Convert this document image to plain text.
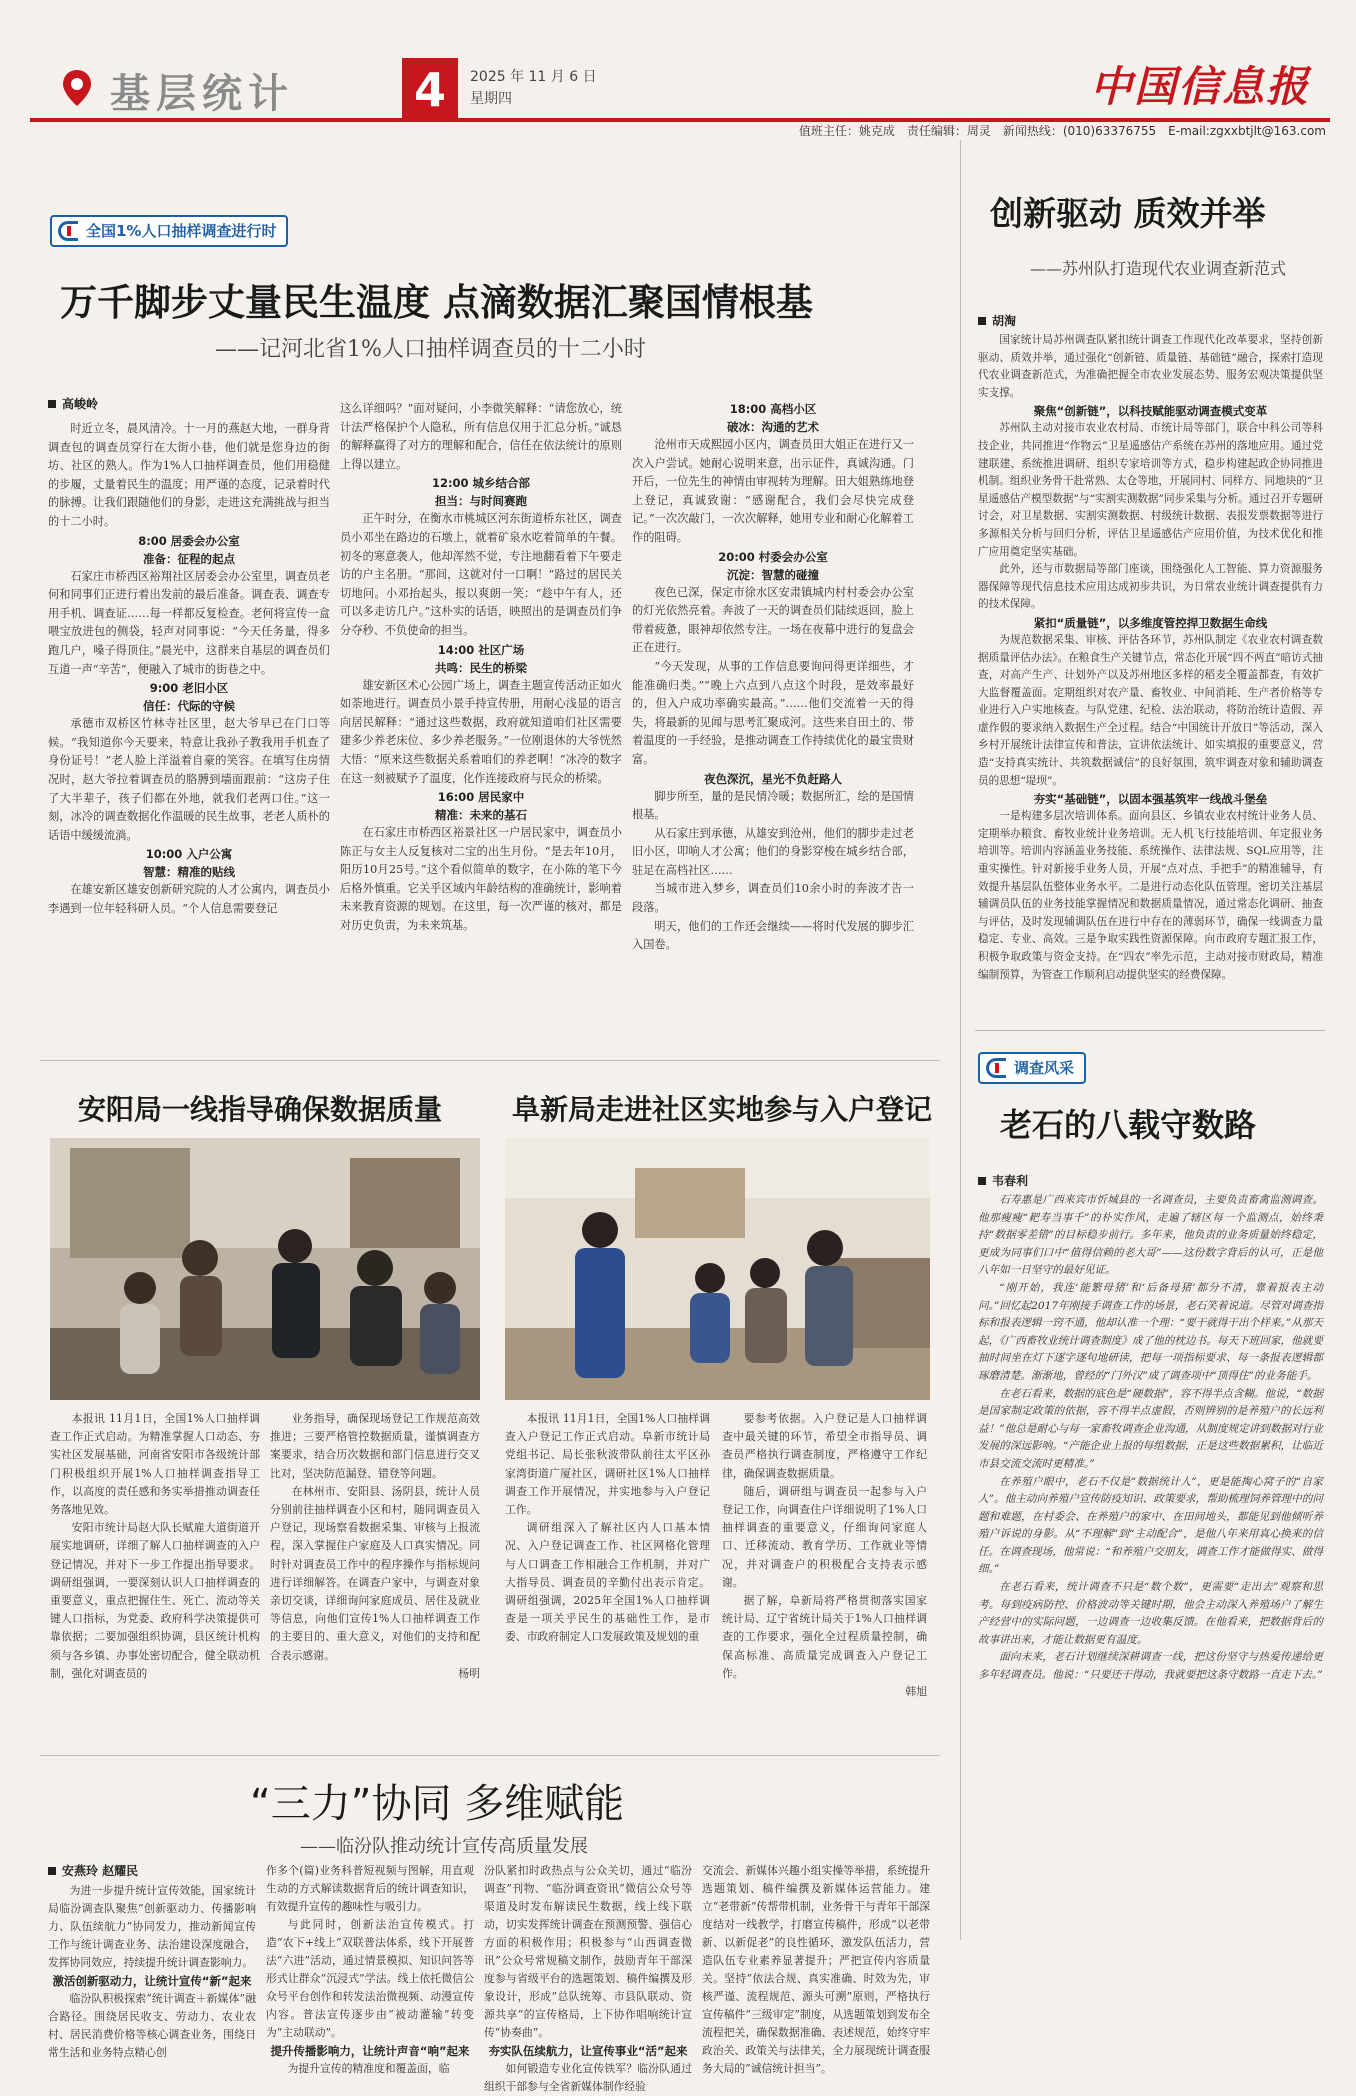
基层统计	4	2025 年 11 月 6 日
星期四	中国信息报
值班主任：姚克成　责任编辑：周灵　新闻热线：(010)63376755　E-mail:zgxxbtjlt@163.com
全国1%人口抽样调查进行时
万千脚步丈量民生温度 点滴数据汇聚国情根基
——记河北省1%人口抽样调查员的十二小时
高峻岭

时近立冬，晨风清冷。十一月的燕赵大地，一群身背调查包的调查员穿行在大街小巷，他们就是您身边的街坊、社区的熟人。作为1%人口抽样调查员，他们用稳健的步履，丈量着民生的温度；用严谨的态度，记录着时代的脉搏。让我们跟随他们的身影，走进这充满挑战与担当的十二小时。

8:00 居委会办公室
准备：征程的起点

石家庄市桥西区裕翔社区居委会办公室里，调查员老何和同事们正进行着出发前的最后准备。调查表、调查专用手机、调查证……每一样都反复检查。老何将宣传一盒喂宝放进包的侧袋，轻声对同事说：“今天任务量，得多跑几户，嗓子得顶住。”晨光中，这群来自基层的调查员们互道一声“辛苦”，便融入了城市的街巷之中。

9:00 老旧小区
信任：代际的守候

承德市双桥区竹林寺社区里，赵大爷早已在门口等候。“我知道你今天要来，特意让我孙子教我用手机查了身份证号！”老人脸上洋溢着自豪的笑容。在填写住房情况时，赵大爷拉着调查员的胳膊到墙面跟前：“这房子住了大半辈子，孩子们都在外地，就我们老两口住。”这一刻，冰冷的调查数据化作温暖的民生故事，老老人质朴的话语中缓缓流淌。

10:00 入户公寓
智慧：精准的贴线

在雄安新区雄安创新研究院的人才公寓内，调查员小李遇到一位年轻科研人员。“个人信息需要登记

这么详细吗？”面对疑问，小李微笑解释：“请您放心，统计法严格保护个人隐私，所有信息仅用于汇总分析。”诚恳的解释赢得了对方的理解和配合，信任在依法统计的原则上得以建立。

12:00 城乡结合部
担当：与时间赛跑

正午时分，在衡水市桃城区河东街道桥东社区，调查员小邓坐在路边的石墩上，就着矿泉水吃着简单的午餐。初冬的寒意袭人，他却浑然不觉，专注地翻看着下午要走访的户主名册。“那间，这就对付一口啊！”路过的居民关切地问。小邓抬起头，报以爽朗一笑：“趁中午有人，还可以多走访几户。”这朴实的话语，映照出的是调查员们争分夺秒、不负使命的担当。

14:00 社区广场
共鸣：民生的桥梁

雄安新区术心公园广场上，调查主题宣传活动正如火如荼地进行。调查员小景手持宣传册，用耐心浅显的语言向居民解释：“通过这些数据，政府就知道咱们社区需要建多少养老床位、多少养老服务。”一位刚退休的大爷恍然大悟：“原来这些数据关系着咱们的养老啊！”冰冷的数字在这一刻被赋予了温度，化作连接政府与民众的桥梁。

16:00 居民家中
精准：未来的基石

在石家庄市桥西区裕景社区一户居民家中，调查员小陈正与女主人反复核对二宝的出生月份。“是去年10月，阳历10月25号。”这个看似简单的数字，在小陈的笔下今后格外慎重。它关乎区域内年龄结构的准确统计，影响着未来教育资源的规划。在这里，每一次严谨的核对，都是对历史负责，为未来筑基。

18:00 高档小区
破冰：沟通的艺术

沧州市天成熙园小区内，调查员田大姐正在进行又一次入户尝试。她耐心说明来意，出示证件，真诚沟通。门开后，一位先生的神情由审视转为理解。田大姐熟练地登上登记，真诚致谢：“感谢配合，我们会尽快完成登记。”一次次敲门，一次次解释，她用专业和耐心化解着工作的阻碍。

20:00 村委会办公室
沉淀：智慧的碰撞

夜色已深，保定市徐水区安肃镇城内村村委会办公室的灯光依然亮着。奔波了一天的调查员们陆续返回，脸上带着疲惫，眼神却依然专注。一场在夜幕中进行的复盘会正在进行。

“今天发现，从事的工作信息要询问得更详细些，才能准确归类。”“晚上六点到八点这个时段，是效率最好的，但入户成功率确实最高。”……他们交流着一天的得失，将最新的见闻与思考汇聚成河。这些来自田土的、带着温度的一手经验，是推动调查工作持续优化的最宝贵财富。

夜色深沉，星光不负赶路人

脚步所至，量的是民情冷暖；数据所汇，绘的是国情根基。

从石家庄到承德，从雄安到沧州，他们的脚步走过老旧小区，叩响人才公寓；他们的身影穿梭在城乡结合部，驻足在高档社区……

当城市进入梦乡，调查员们10余小时的奔波才告一段落。

明天，他们的工作还会继续——将时代发展的脚步汇入国卷。

安阳局一线指导确保数据质量

本报讯 11月1日，全国1%人口抽样调查工作正式启动。为精准掌握人口动态、夯实社区发展基础，河南省安阳市各级统计部门积极组织开展1%人口抽样调查指导工作，以高度的责任感和务实举措推动调查任务落地见效。

安阳市统计局赵大队长赋雇大道街道开展实地调研，详细了解人口抽样调查的入户登记情况，并对下一步工作提出指导要求。调研组强调，一要深刻认识人口抽样调查的重要意义，重点把握住生、死亡、流动等关键人口指标，为党委、政府科学决策提供可靠依据；二要加强组织协调，县区统计机构须与各乡镇、办事处密切配合，健全联动机制，强化对调查员的

业务指导，确保现场登记工作规范高效推进；三要严格管控数据质量，谨慎调查方案要求，结合历次数据和部门信息进行交叉比对，坚决防范漏登、错登等问题。

在林州市、安阳县、汤阴县，统计人员分别前往抽样调查小区和村，随同调查员入户登记，现场察看数据采集、审核与上报流程，深入掌握住户家庭及人口真实情况。同时针对调查员工作中的程序操作与指标规问进行详细解答。在调查户家中，与调查对象亲切交谈，详细询问家庭成员、居住及就业等信息，向他们宣传1%人口抽样调查工作的主要目的、重大意义，对他们的支持和配合表示感谢。

杨明
阜新局走进社区实地参与入户登记

本报讯 11月1日，全国1%人口抽样调查入户登记工作正式启动。阜新市统计局党组书记、局长张秋波带队前往太平区孙家湾街道广厦社区，调研社区1%人口抽样调查工作开展情况，并实地参与入户登记工作。

调研组深入了解社区内人口基本情况、入户登记调查工作、社区网格化管理与人口调查工作相融合工作机制，并对广大指导员、调查员的辛勤付出表示肯定。调研组强调，2025年全国1%人口抽样调查是一项关乎民生的基础性工作，是市委、市政府制定人口发展政策及规划的重

要参考依据。入户登记是人口抽样调查中最关键的环节，希望全市指导员、调查员严格执行调查制度，严格遵守工作纪律，确保调查数据质量。

随后，调研组与调查员一起参与入户登记工作，向调查住户详细说明了1%人口抽样调查的重要意义，仔细询问家庭人口、迁移流动、教育学历、工作就业等情况，并对调查户的积极配合支持表示感谢。

据了解，阜新局将严格贯彻落实国家统计局、辽宁省统计局关于1%人口抽样调查的工作要求，强化全过程质量控制，确保高标准、高质量完成调查入户登记工作。

韩旭
“三力”协同 多维赋能
——临汾队推动统计宣传高质量发展
安燕玲 赵耀民

为进一步提升统计宣传效能，国家统计局临汾调查队聚焦“创新驱动力、传播影响力、队伍续航力”协同发力，推动新闻宣传工作与统计调查业务、法治建设深度融合，发挥协同效应，持续提升统计调查影响力。

激活创新驱动力，让统计宣传“新”起来

临汾队积极探索“统计调查＋新媒体”融合路径。围绕居民收支、劳动力、农业农村、居民消费价格等核心调查业务，围绕日常生活和业务特点精心创

作多个(篇)业务科普短视频与图解，用直观生动的方式解读数据背后的统计调查知识，有效提升宣传的趣味性与吸引力。

与此同时，创新法治宣传模式。打造“农下+线上”双联普法体系，线下开展普法“六进”活动，通过情景模拟、知识问答等形式让群众“沉浸式”学法。线上依托微信公众号平台创作和转发法治微视频、动漫宣传内容。普法宣传逐步由“被动灌输”转变为“主动联动”。

提升传播影响力，让统计声音“响”起来

为提升宣传的精准度和覆盖面，临

汾队紧扣时政热点与公众关切，通过“临汾调查”刊物、“临汾调查资讯”微信公众号等渠道及时发布解读民生数据，线上线下联动，切实发挥统计调查在预测预警、强信心方面的积极作用；积极参与“山西调查微讯”公众号常规稿文制作，鼓励青年干部深度参与省级平台的选题策划、稿件编撰及形象设计，形成“总队统筹、市县队联动、资源共享”的宣传格局，上下协作唱响统计宣传“协奏曲”。

夯实队伍续航力，让宣传事业“活”起来

如何锻造专业化宣传铁军？临汾队通过组织干部参与全省新媒体制作经验

交流会、新媒体兴趣小组实操等举措，系统提升选题策划、稿件编撰及新媒体运营能力。建立“老带新”传帮带机制，业务骨干与青年干部深度结对一线教学，打磨宣传稿件，形成“以老带新、以新促老”的良性循环，激发队伍活力，营造队伍专业素养显著提升；严把宣传内容质量关。坚持“依法合规、真实准确、时效为先，审核严谨、流程规范、源头可溯”原则，严格执行宣传稿件“三级审定”制度，从选题策划到发布全流程把关，确保数据准确、表述规范，始终守牢政治关、政策关与法律关，全力展现统计调查服务大局的“诚信统计担当”。

创新驱动 质效并举
——苏州队打造现代农业调查新范式
胡淘

国家统计局苏州调查队紧扣统计调查工作现代化改革要求，坚持创新驱动、质效并举，通过强化“创新链、质量链、基础链”融合，探索打造现代农业调查新范式，为准确把握全市农业发展态势、服务宏观决策提供坚实支撑。

聚焦“创新链”，以科技赋能驱动调查模式变革

苏州队主动对接市农业农村局、市统计局等部门，联合中科公司等科技企业，共同推进“作物云”卫星遥感估产系统在苏州的落地应用。通过党建联建、系统推进调研、组织专家培训等方式，稳步构建起政企协同推进机制。组织业务骨干赴常熟、太仓等地，开展同村、同样方、同地块的“卫星遥感估产模型数据”与“实割实测数据”同步采集与分析。通过召开专题研讨会，对卫星数据、实割实测数据、村级统计数据、表报发票数据等进行多源相关分析与回归分析，评估卫星遥感估产应用价值，为技术优化和推广应用奠定坚实基础。

此外，还与市数据局等部门座谈，围绕强化人工智能、算力资源服务器保障等现代信息技术应用达成初步共识，为日常农业统计调查提供有力的技术保障。

紧扣“质量链”，以多维度管控捍卫数据生命线

为规范数据采集、审核、评估各环节，苏州队制定《农业农村调查数据质量评估办法》。在粮食生产关键节点，常态化开展“四不两直”暗访式抽查，对高产生产、计划外产以及苏州地区多样的稻麦全覆盖都查，有效扩大监督覆盖面。定期组织对农产量、畜牧业、中间消耗、生产者价格等专业进行入户实地核查。与队党建、纪检、法治联动，将防治统计造假、弄虚作假的要求纳入数据生产全过程。结合“中国统计开放日”等活动，深入乡村开展统计法律宣传和普法，宣讲依法统计、如实填报的重要意义，营造“支持真实统计、共筑数据诚信”的良好氛围，筑牢调查对象和辅助调查员的思想“堤坝”。

夯实“基础链”，以固本强基筑牢一线战斗堡垒

一是构建多层次培训体系。面向县区、乡镇农业农村统计业务人员、定期举办粮食、畜牧业统计业务培训。无人机飞行技能培训、年定报业务培训等。培训内容涵盖业务技能、系统操作、法律法规、SQL应用等，注重实操性。针对新接手业务人员，开展“点对点、手把手”的精准辅导，有效提升基层队伍整体业务水平。二是进行动态化队伍管理。密切关注基层辅调员队伍的业务技能掌握情况和数据质量情况，通过常态化调研、抽查与评估，及时发现辅调队伍在进行中存在的薄弱环节，确保一线调查力量稳定、专业、高效。三是争取实践性资源保障。向市政府专题汇报工作，积极争取政策与资金支持。在“四农”率先示范，主动对接市财政局，精准编制预算，为管查工作顺利启动提供坚实的经费保障。

调查风采
老石的八载守数路
韦春利

石寿惠是广西来宾市忻城县的一名调查员，主要负责畜禽监测调查。他那瘦瘦“耙寿当事千”的朴实作风，走遍了辖区每一个监测点，始终秉持“数据零差错”的目标稳步前行。多年来，他负责的业务质量始终稳定，更成为同事们口中“值得信赖的老大哥”——这份数字背后的认可，正是他八年如一日坚守的最好见证。

“刚开始，我连‘能繁母猪’和‘后备母猪’都分不清，靠着报表主动问。”回忆起2017年刚接手调查工作的场景，老石笑着说道。尽管对调查指标和报表逻辑一窍不通，他却认准一个理：“要干就得干出个样来。”从那天起，《广西畜牧业统计调查制度》成了他的枕边书。每天下班回家，他就要抽时间坐在灯下逐字逐句地研读，把每一项指标要求、每一条报表逻辑都琢磨清楚。渐渐地，曾经的“门外汉”成了调查项中“顶得住”的业务能手。

在老石看来，数据的底色是“硬数据”，容不得半点含糊。他说，“数据是国家制定政策的依据，容不得半点虚假，否则辨别的是养殖户的长远利益！”他总是耐心与每一家畜牧调查企业沟通，从制度规定讲到数据对行业发展的深远影响。“产能企业上报的每组数据，正是这些数据累积，让临近市县交流交流时更精准。”

在养殖户眼中，老石不仅是“数据统计人”，更是能掏心窝子的“自家人”。他主动向养殖户宣传防疫知识、政策要求，帮助梳理饲养管理中的问题和难题，在村委会、在养殖户的家中、在田间地头，都能见到他倾听养殖户诉说的身影。从“不理解”到“主动配合”，是他八年来用真心换来的信任。在调查现场，他常说：“和养殖户交朋友，调查工作才能做得实、做得细。”

在老石看来，统计调查不只是“数个数”，更需要“走出去”观察和思考。每到疫病防控、价格波动等关键时期，他会主动深入养殖场户了解生产经营中的实际问题，一边调查一边收集反馈。在他看来，把数据背后的故事讲出来，才能让数据更有温度。

面向未来，老石计划继续深耕调查一线，把这份坚守与热爱传递给更多年轻调查员。他说：“只要还干得动，我就要把这条守数路一直走下去。”
